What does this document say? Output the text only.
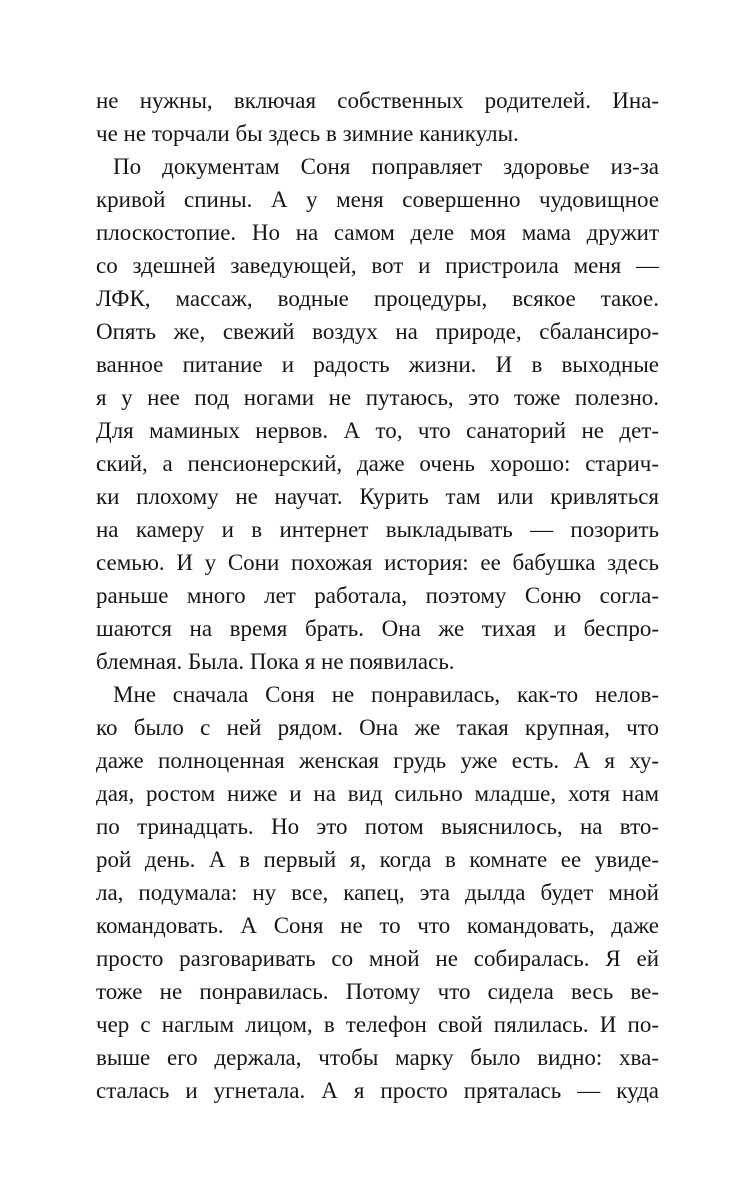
не нужны, включая собственных родителей. Ина-
че не торчали бы здесь в зимние каникулы.
По документам Соня поправляет здоровье из-за
кривой спины. А у меня совершенно чудовищное
плоскостопие. Но на самом деле моя мама дружит
со здешней заведующей, вот и пристроила меня —
ЛФК, массаж, водные процедуры, всякое такое.
Опять же, свежий воздух на природе, сбалансиро-
ванное питание и радость жизни. И в выходные
я у нее под ногами не путаюсь, это тоже полезно.
Для маминых нервов. А то, что санаторий не дет-
ский, а пенсионерский, даже очень хорошо: старич-
ки плохому не научат. Курить там или кривляться
на камеру и в интернет выкладывать — позорить
семью. И у Сони похожая история: ее бабушка здесь
раньше много лет работала, поэтому Соню согла-
шаются на время брать. Она же тихая и беспро-
блемная. Была. Пока я не появилась.
Мне сначала Соня не понравилась, как-то нелов-
ко было с ней рядом. Она же такая крупная, что
даже полноценная женская грудь уже есть. А я ху-
дая, ростом ниже и на вид сильно младше, хотя нам
по тринадцать. Но это потом выяснилось, на вто-
рой день. А в первый я, когда в комнате ее увиде-
ла, подумала: ну все, капец, эта дылда будет мной
командовать. А Соня не то что командовать, даже
просто разговаривать со мной не собиралась. Я ей
тоже не понравилась. Потому что сидела весь ве-
чер с наглым лицом, в телефон свой пялилась. И по-
выше его держала, чтобы марку было видно: хва-
сталась и угнетала. А я просто пряталась — куда
